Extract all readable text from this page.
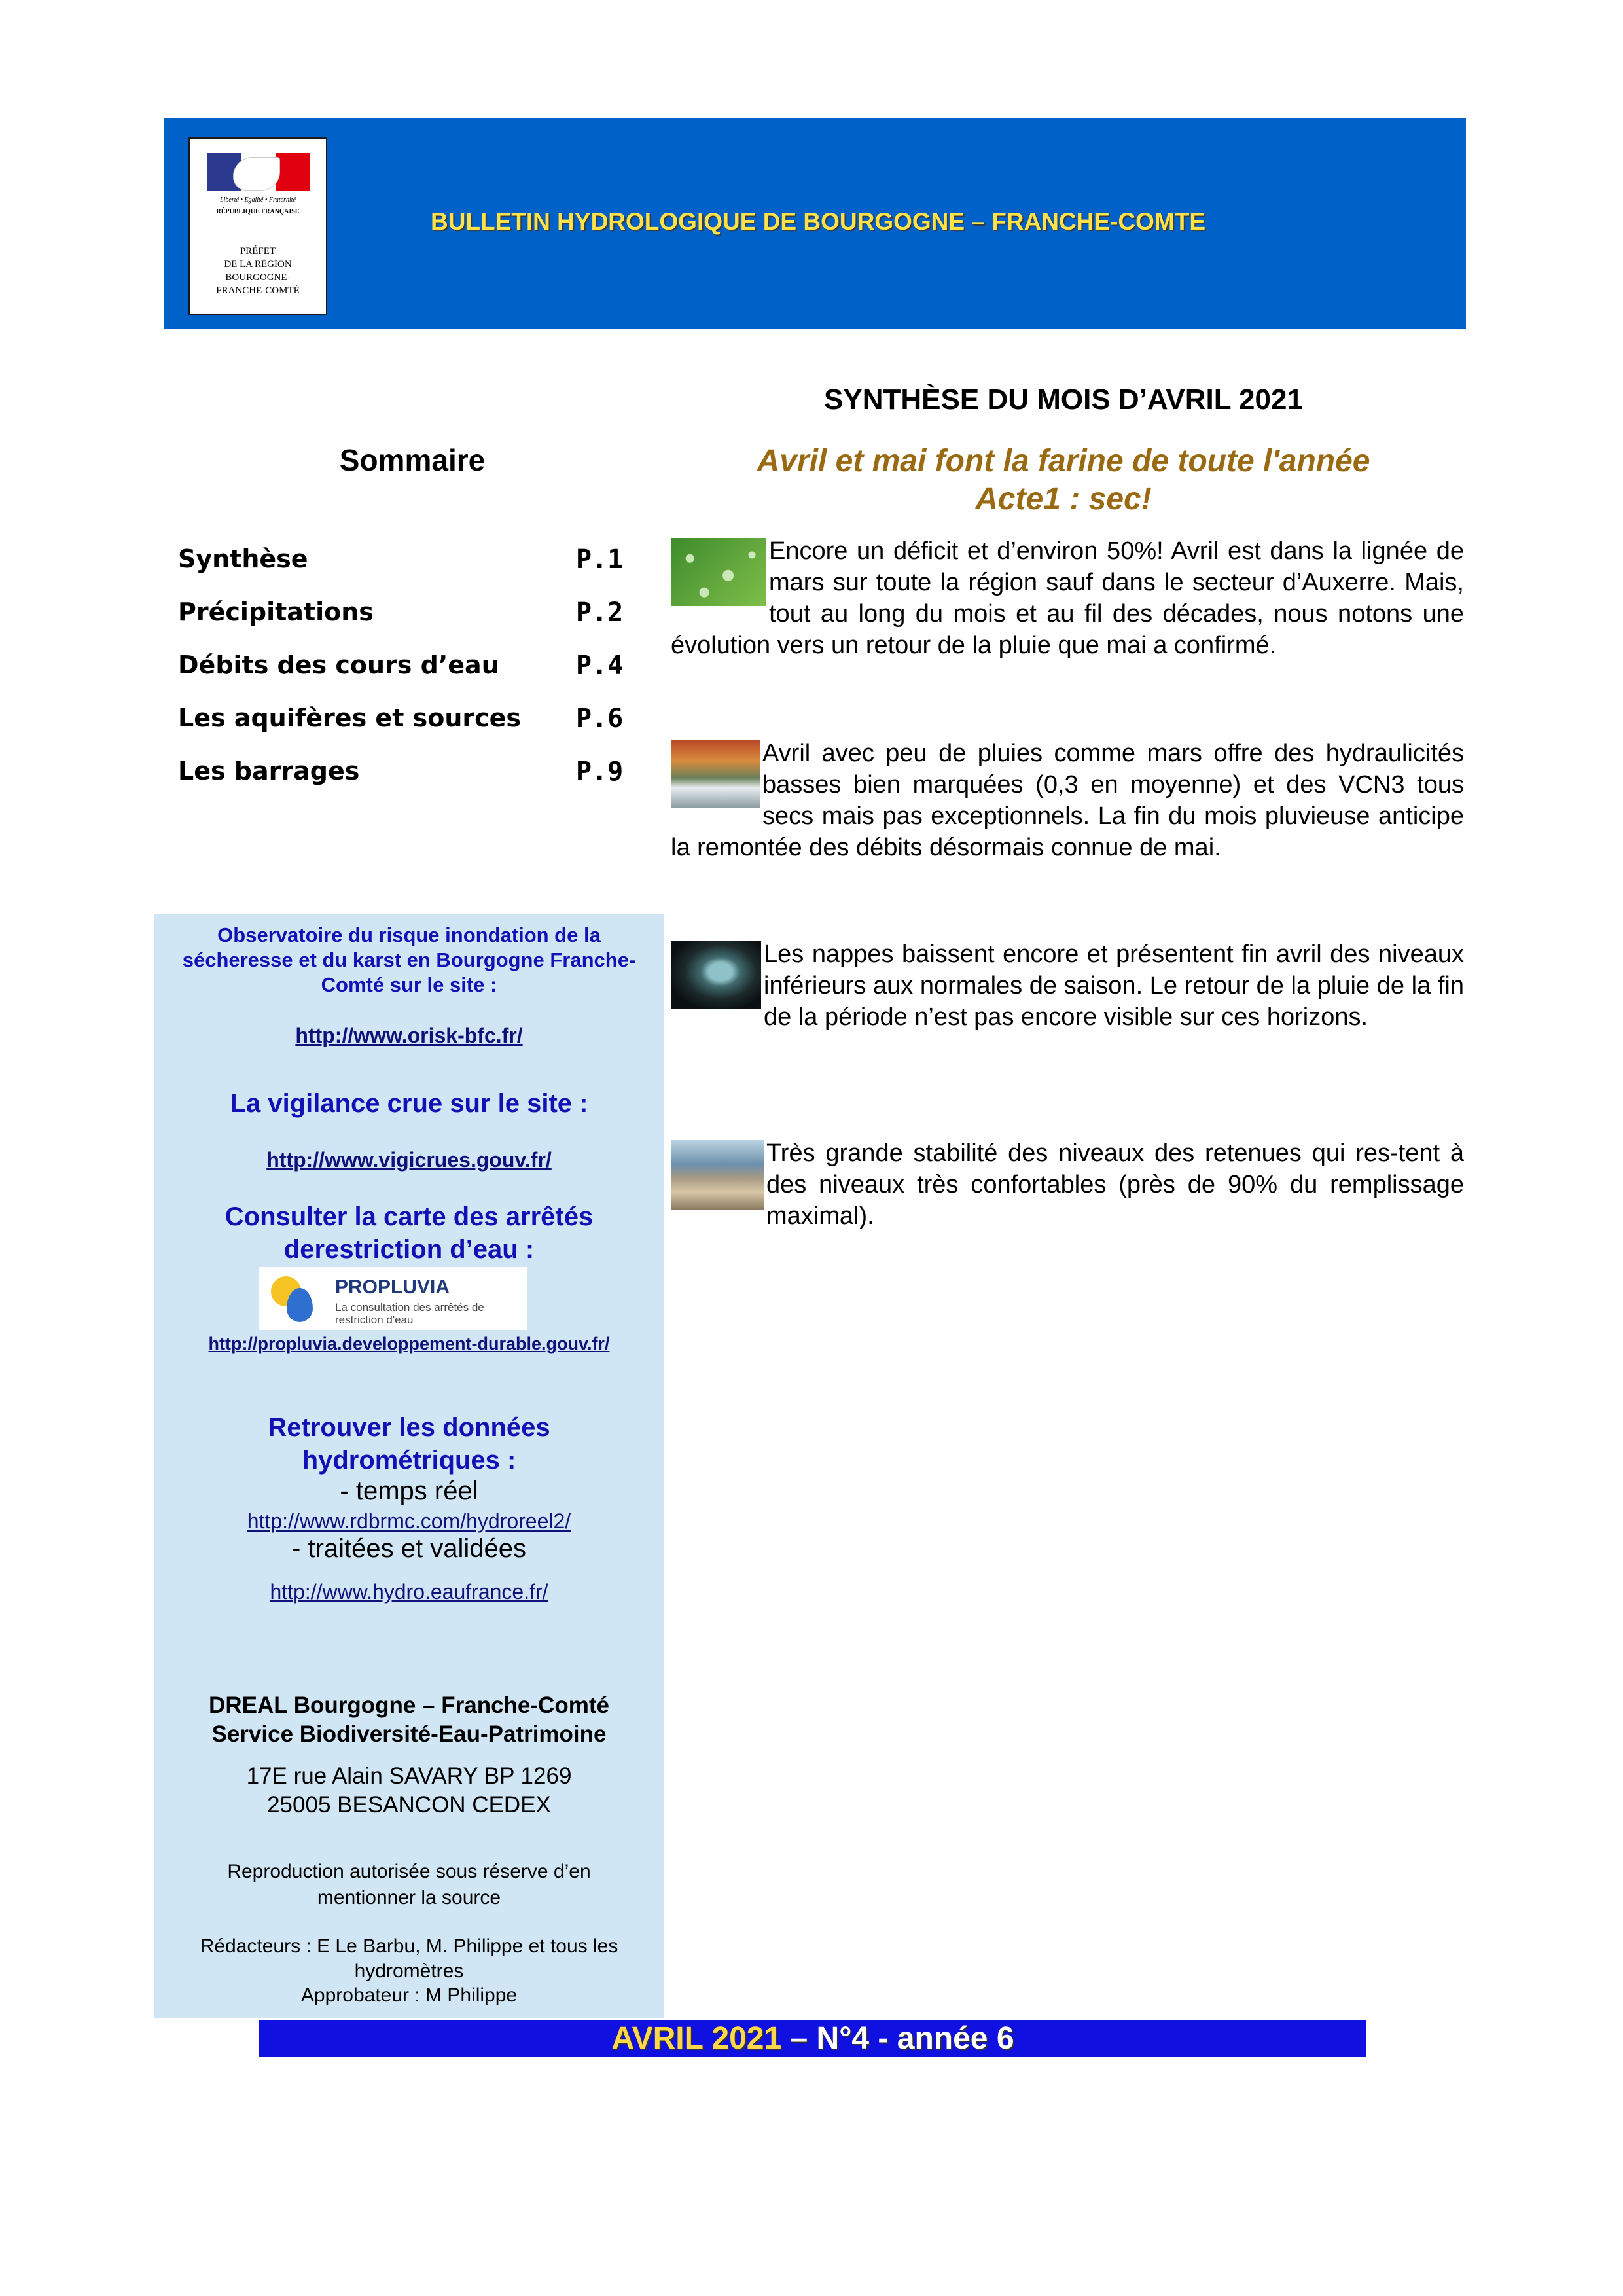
Liberté • Égalité • Fraternité
RÉPUBLIQUE FRANÇAISE
PRÉFET
DE LA RÉGION
BOURGOGNE-
FRANCHE-COMTÉ
BULLETIN HYDROLOGIQUE DE BOURGOGNE – FRANCHE-COMTE
SYNTHÈSE DU MOIS D’AVRIL 2021
Avril et mai font la farine de toute l'année
Acte1 : sec!
Sommaire
Synthèse	P.1
Précipitations	P.2
Débits des cours d’eau	P.4
Les aquifères et sources	P.6
Les barrages	P.9
Encore un déficit et d’environ 50%! Avril est dans la lignée de mars sur toute la région sauf dans le secteur d’Auxerre. Mais, tout au long du mois et au fil des décades, nous notons une évolution vers un retour de la pluie que mai a confirmé.
Avril avec peu de pluies comme mars offre des hydraulicités basses bien marquées (0,3 en moyenne) et des VCN3 tous secs mais pas exceptionnels. La fin du mois pluvieuse anticipe la remontée des débits désormais connue de mai.
Les nappes baissent encore et présentent fin avril des niveaux inférieurs aux normales de saison. Le retour de la pluie de la fin de la période n’est pas encore visible sur ces horizons.
Très grande stabilité des niveaux des retenues qui res-tent à des niveaux très confortables (près de 90% du remplissage maximal).
Observatoire du risque inondation de la sécheresse et du karst en Bourgogne Franche-Comté sur le site :
http://www.orisk-bfc.fr/
La vigilance crue sur le site :
http://www.vigicrues.gouv.fr/
Consulter la carte des arrêtés derestriction d’eau :
PROPLUVIA
La consultation des arrêtés de restriction d'eau
http://propluvia.developpement-durable.gouv.fr/
Retrouver les données hydrométriques :
- temps réel
http://www.rdbrmc.com/hydroreel2/
- traitées et validées
http://www.hydro.eaufrance.fr/
DREAL Bourgogne – Franche-Comté
Service Biodiversité-Eau-Patrimoine
17E rue Alain SAVARY BP 1269
25005 BESANCON CEDEX
Reproduction autorisée sous réserve d’en mentionner la source
Rédacteurs : E Le Barbu, M. Philippe et tous les hydromètres
Approbateur : M Philippe
AVRIL 2021 – N°4 - année 6
